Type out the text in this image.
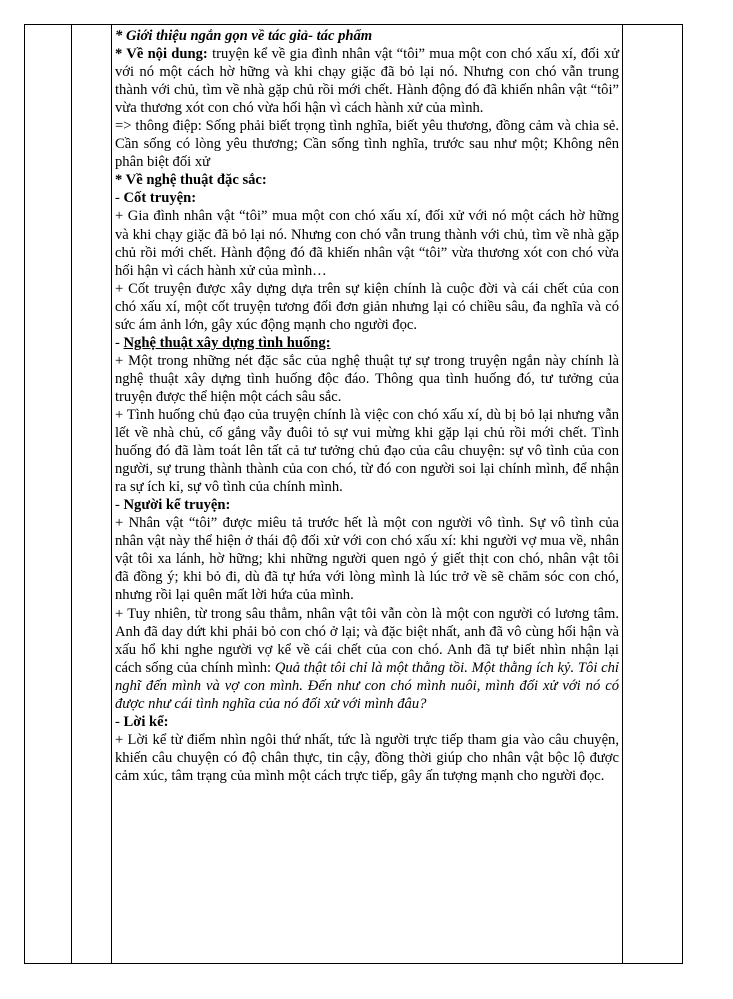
* Giới thiệu ngắn gọn về tác giả- tác phẩm

* Về nội dung: truyện kể về gia đình nhân vật “tôi” mua một con chó xấu xí, đối xử với nó một cách hờ hững và khi chạy giặc đã bỏ lại nó. Nhưng con chó vẫn trung thành với chủ, tìm về nhà gặp chủ rồi mới chết. Hành động đó đã khiến nhân vật “tôi” vừa thương xót con chó vừa hối hận vì cách hành xử của mình.

=> thông điệp: Sống phải biết trọng tình nghĩa, biết yêu thương, đồng cảm và chia sẻ. Cần sống có lòng yêu thương; Cần sống tình nghĩa, trước sau như một; Không nên phân biệt đối xử

* Về nghệ thuật đặc sắc:

- Cốt truyện:

+ Gia đình nhân vật “tôi” mua một con chó xấu xí, đối xử với nó một cách hờ hững và khi chạy giặc đã bỏ lại nó. Nhưng con chó vẫn trung thành với chủ, tìm về nhà gặp chủ rồi mới chết. Hành động đó đã khiến nhân vật “tôi” vừa thương xót con chó vừa hối hận vì cách hành xử của mình…

+ Cốt truyện được xây dựng dựa trên sự kiện chính là cuộc đời và cái chết của con chó xấu xí, một cốt truyện tương đối đơn giản nhưng lại có chiều sâu, đa nghĩa và có sức ám ảnh lớn, gây xúc động mạnh cho người đọc.

- Nghệ thuật xây dựng tình huống:

+ Một trong những nét đặc sắc của nghệ thuật tự sự trong truyện ngắn này chính là nghệ thuật xây dựng tình huống độc đáo. Thông qua tình huống đó, tư tưởng của truyện được thể hiện một cách sâu sắc.

+ Tình huống chủ đạo của truyện chính là việc con chó xấu xí, dù bị bỏ lại nhưng vẫn lết về nhà chủ, cố gắng vẫy đuôi tỏ sự vui mừng khi gặp lại chủ rồi mới chết. Tình huống đó đã làm toát lên tất cả tư tưởng chủ đạo của câu chuyện: sự vô tình của con người, sự trung thành thành của con chó, từ đó con người soi lại chính mình, để nhận ra sự ích kỉ, sự vô tình của chính mình.

- Người kể truyện:

+ Nhân vật “tôi” được miêu tả trước hết là một con người vô tình. Sự vô tình của nhân vật này thể hiện ở thái độ đối xử với con chó xấu xí: khi người vợ mua về, nhân vật tôi xa lánh, hờ hững; khi những người quen ngỏ ý giết thịt con chó, nhân vật tôi đã đồng ý; khi bỏ đi, dù đã tự hứa với lòng mình là lúc trở về sẽ chăm sóc con chó, nhưng rồi lại quên mất lời hứa của mình.

+ Tuy nhiên, từ trong sâu thẳm, nhân vật tôi vẫn còn là một con người có lương tâm. Anh đã day dứt khi phải bỏ con chó ở lại; và đặc biệt nhất, anh đã vô cùng hối hận và xấu hổ khi nghe người vợ kể về cái chết của con chó. Anh đã tự biết nhìn nhận lại cách sống của chính mình: Quả thật tôi chỉ là một thằng tồi. Một thằng ích kỷ. Tôi chỉ nghĩ đến mình và vợ con mình. Đến như con chó mình nuôi, mình đối xử với nó có được như cái tình nghĩa của nó đối xử với mình đâu?

- Lời kể:

+ Lời kể từ điểm nhìn ngôi thứ nhất, tức là người trực tiếp tham gia vào câu chuyện, khiến câu chuyện có độ chân thực, tin cậy, đồng thời giúp cho nhân vật bộc lộ được cảm xúc, tâm trạng của mình một cách trực tiếp, gây ấn tượng mạnh cho người đọc.
